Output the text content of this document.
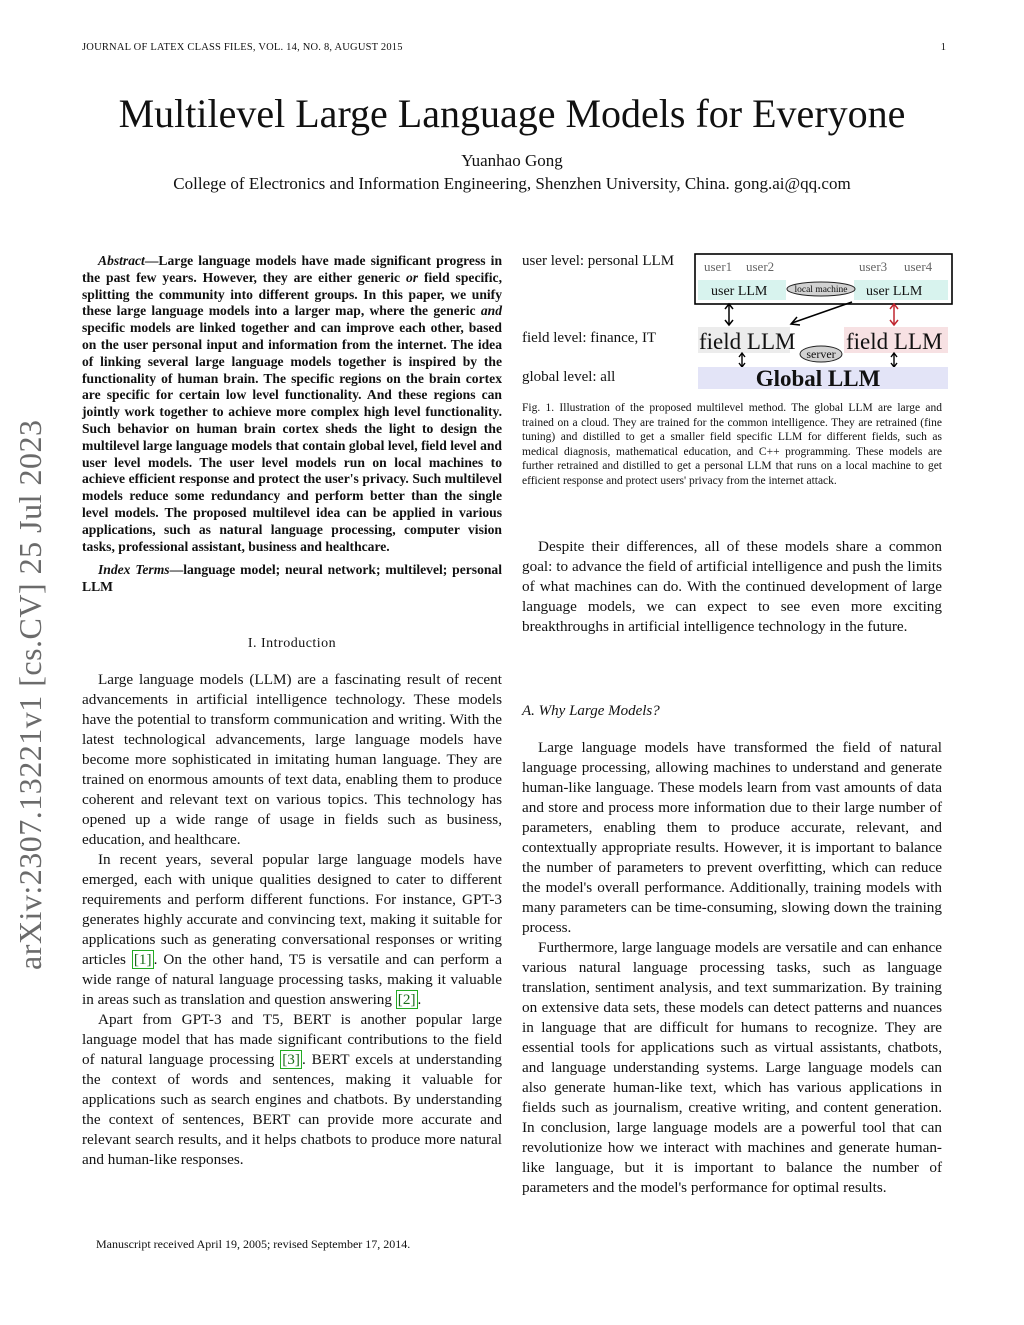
JOURNAL OF LATEX CLASS FILES, VOL. 14, NO. 8, AUGUST 2015	1
Multilevel Large Language Models for Everyone
Yuanhao Gong
College of Electronics and Information Engineering, Shenzhen University, China. gong.ai@qq.com
arXiv:2307.13221v1 [cs.CV] 25 Jul 2023

Abstract—Large language models have made significant progress in the past few years. However, they are either generic or field specific, splitting the community into different groups. In this paper, we unify these large language models into a larger map, where the generic and specific models are linked together and can improve each other, based on the user personal input and information from the internet. The idea of linking several large language models together is inspired by the functionality of human brain. The specific regions on the brain cortex are specific for certain low level functionality. And these regions can jointly work together to achieve more complex high level functionality. Such behavior on human brain cortex sheds the light to design the multilevel large language models that contain global level, field level and user level models. The user level models run on local machines to achieve efficient response and protect the user's privacy. Such multilevel models reduce some redundancy and perform better than the single level models. The proposed multilevel idea can be applied in various applications, such as natural language processing, computer vision tasks, professional assistant, business and healthcare.

Index Terms—language model; neural network; multilevel; personal LLM

I. Introduction

Large language models (LLM) are a fascinating result of recent advancements in artificial intelligence technology. These models have the potential to transform communication and writing. With the latest technological advancements, large language models have become more sophisticated in imitating human language. They are trained on enormous amounts of text data, enabling them to produce coherent and relevant text on various topics. This technology has opened up a wide range of usage in fields such as business, education, and healthcare.

In recent years, several popular large language models have emerged, each with unique qualities designed to cater to different requirements and perform different functions. For instance, GPT-3 generates highly accurate and convincing text, making it suitable for applications such as generating conversational responses or writing articles [1] . On the other hand, T5 is versatile and can perform a wide range of natural language processing tasks, making it valuable in areas such as translation and question answering [2] .

Apart from GPT-3 and T5, BERT is another popular large language model that has made significant contributions to the field of natural language processing [3] . BERT excels at understanding the context of words and sentences, making it valuable for applications such as search engines and chatbots. By understanding the context of sentences, BERT can provide more accurate and relevant search results, and it helps chatbots to produce more natural and human-like responses.

Manuscript received April 19, 2005; revised September 17, 2014.
user level: personal LLM
field level: finance, IT
global level: all
user1 user2	user3 user4
user LLM	user LLM
local machine
field LLM field LLM
server
Global LLM

Fig. 1. Illustration of the proposed multilevel method. The global LLM are large and trained on a cloud. They are trained for the common intelligence. They are retrained (fine tuning) and distilled to get a smaller field specific LLM for different fields, such as medical diagnosis, mathematical education, and C++ programming. These models are further retrained and distilled to get a personal LLM that runs on a local machine to get efficient response and protect users' privacy from the internet attack.

Despite their differences, all of these models share a common goal: to advance the field of artificial intelligence and push the limits of what machines can do. With the continued development of large language models, we can expect to see even more exciting breakthroughs in artificial intelligence technology in the future.

A. Why Large Models?

Large language models have transformed the field of natural language processing, allowing machines to understand and generate human-like language. These models learn from vast amounts of data and store and process more information due to their large number of parameters, enabling them to produce accurate, relevant, and contextually appropriate results. However, it is important to balance the number of parameters to prevent overfitting, which can reduce the model's overall performance. Additionally, training models with many parameters can be time-consuming, slowing down the training process.

Furthermore, large language models are versatile and can enhance various natural language processing tasks, such as language translation, sentiment analysis, and text summarization. By training on extensive data sets, these models can detect patterns and nuances in language that are difficult for humans to recognize. They are essential tools for applications such as virtual assistants, chatbots, and language understanding systems. Large language models can also generate human-like text, which has various applications in fields such as journalism, creative writing, and content generation. In conclusion, large language models are a powerful tool that can revolutionize how we interact with machines and generate human-like language, but it is important to balance the number of parameters and the model's performance for optimal results.
